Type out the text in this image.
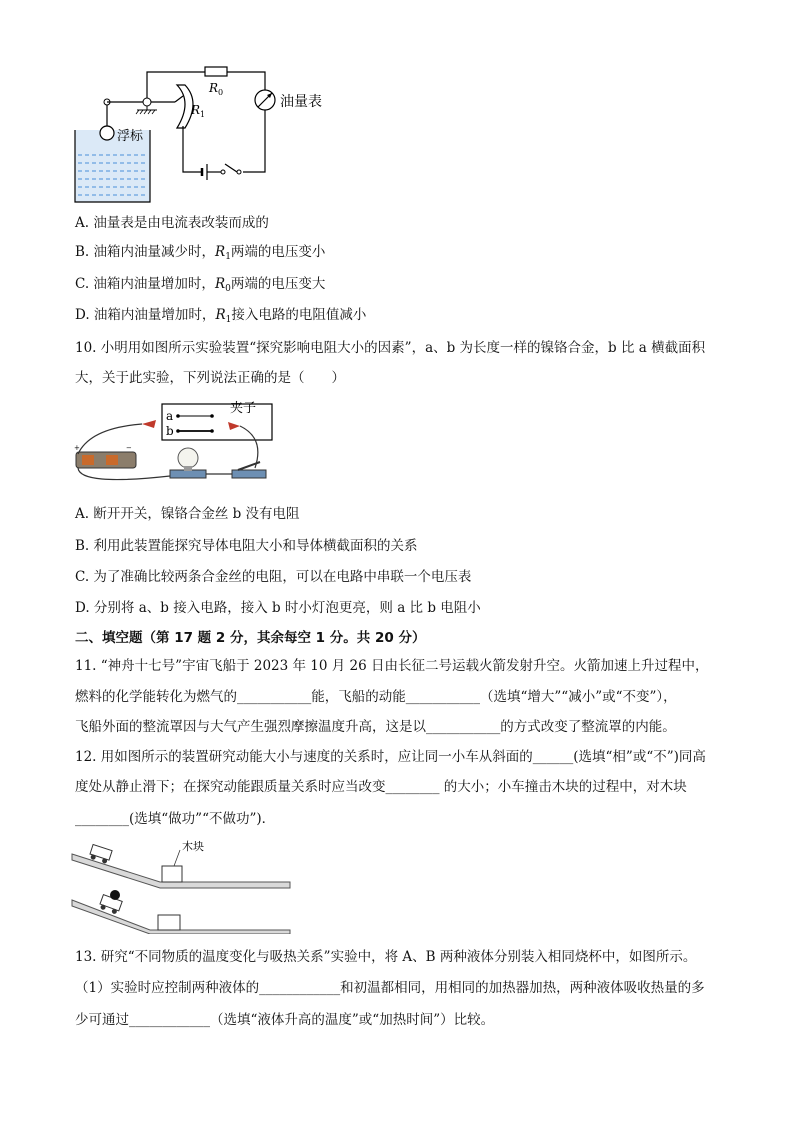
浮标
$R_1$
$R_0$
油量表
A. 油量表是由电流表改装而成的
B. 油箱内油量减少时，$R_1$两端的电压变小
C. 油箱内油量增加时，$R_0$两端的电压变大
D. 油箱内油量增加时，$R_1$接入电路的电阻值减小
10. 小明用如图所示实验装置“探究影响电阻大小的因素”，a、b 为长度一样的镍铬合金，b 比 a 横截面积
大，关于此实验，下列说法正确的是（　　）
a
b
夹子
+	−
A. 断开开关，镍铬合金丝 b 没有电阻
B. 利用此装置能探究导体电阻大小和导体横截面积的关系
C. 为了准确比较两条合金丝的电阻，可以在电路中串联一个电压表
D. 分别将 a、b 接入电路，接入 b 时小灯泡更亮，则 a 比 b 电阻小
二、填空题（第 17 题 2 分，其余每空 1 分。共 20 分）
11. “神舟十七号”宇宙飞船于 2023 年 10 月 26 日由长征二号运载火箭发射升空。火箭加速上升过程中，
燃料的化学能转化为燃气的___________能，飞船的动能___________（选填“增大”“减小”或“不变”），
飞船外面的整流罩因与大气产生强烈摩擦温度升高，这是以___________的方式改变了整流罩的内能。
12. 用如图所示的装置研究动能大小与速度的关系时，应让同一小车从斜面的______(选填“相”或“不”)同高
度处从静止滑下；在探究动能跟质量关系时应当改变________ 的大小；小车撞击木块的过程中，对木块
________(选填“做功”“不做功”)．
木块
13. 研究“不同物质的温度变化与吸热关系”实验中，将 A、B 两种液体分别装入相同烧杯中，如图所示。
（1）实验时应控制两种液体的____________和初温都相同，用相同的加热器加热，两种液体吸收热量的多
少可通过____________（选填“液体升高的温度”或“加热时间”）比较。
